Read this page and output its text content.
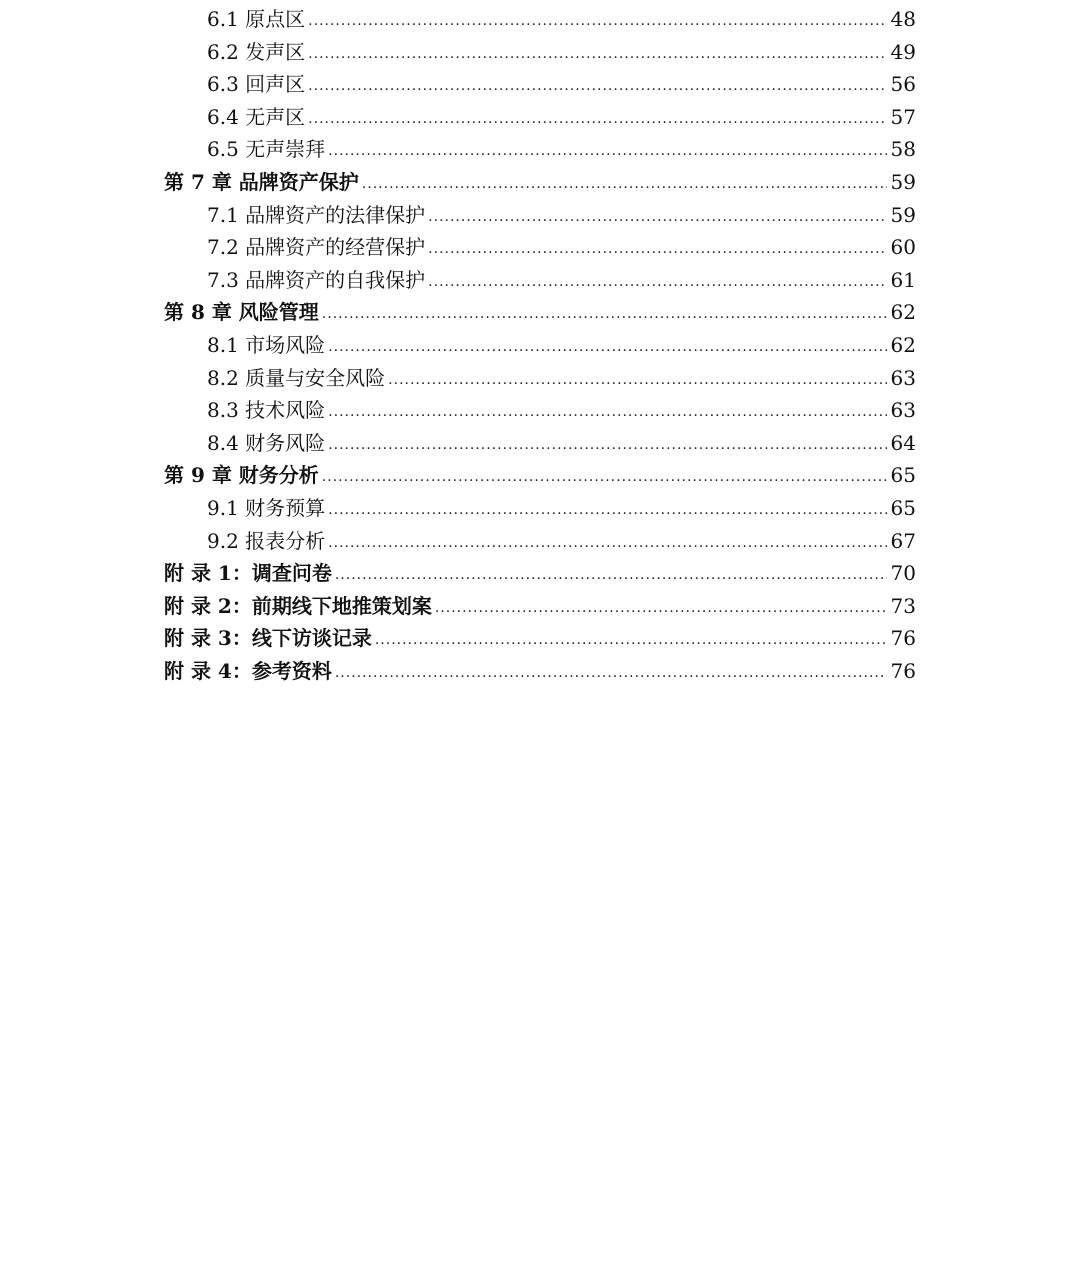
6.1 原点区 .....	48
6.2 发声区 .....	49
6.3 回声区 .....	56
6.4 无声区 .....	57
6.5 无声崇拜 .....	58
第 7 章 品牌资产保护 .....	59
7.1 品牌资产的法律保护 .....	59
7.2 品牌资产的经营保护 .....	60
7.3 品牌资产的自我保护 .....	61
第 8 章 风险管理 .....	62
8.1 市场风险 .....	62
8.2 质量与安全风险 .....	63
8.3 技术风险 .....	63
8.4 财务风险 .....	64
第 9 章 财务分析 .....	65
9.1 财务预算 .....	65
9.2 报表分析 .....	67
附 录 1：调查问卷 .....	70
附 录 2：前期线下地推策划案 .....	73
附 录 3：线下访谈记录 .....	76
附 录 4：参考资料 .....	76
